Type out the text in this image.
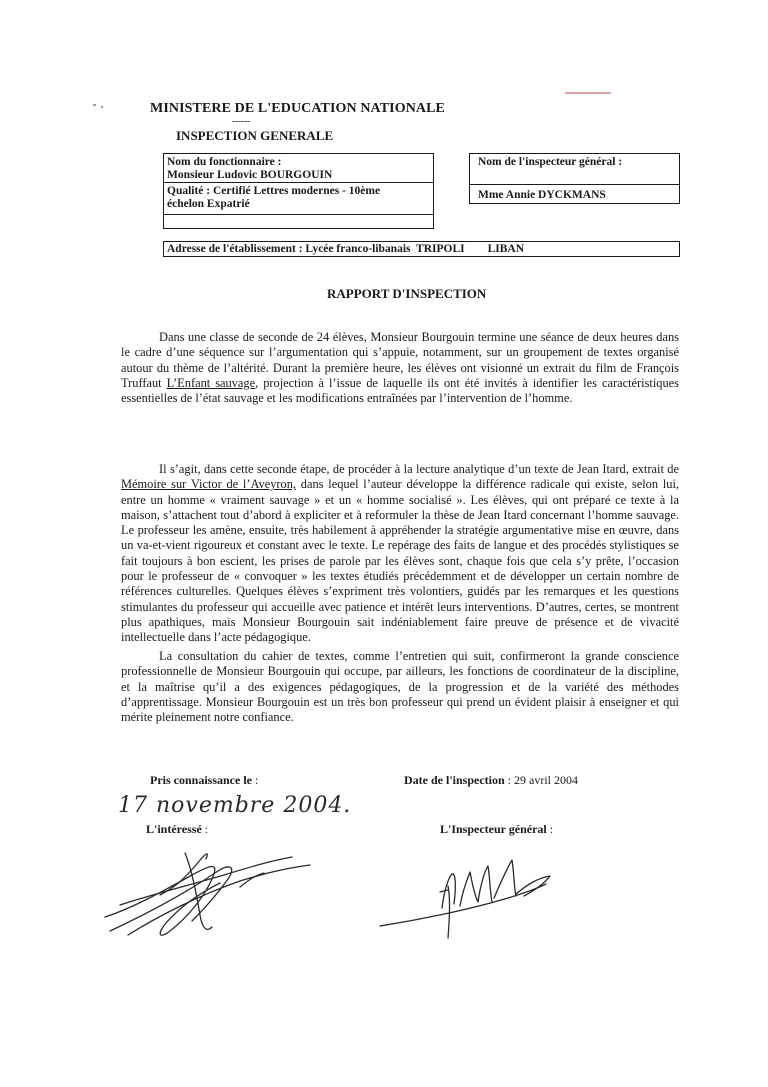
MINISTERE DE L'EDUCATION NATIONALE
------
INSPECTION GENERALE
Nom du fonctionnaire :
Monsieur Ludovic BOURGOUIN
Qualité : Certifié Lettres modernes - 10ème
échelon Expatrié
Nom de l'inspecteur général :
Mme Annie DYCKMANS
Adresse de l'établissement : Lycée franco-libanais  TRIPOLI        LIBAN
RAPPORT D'INSPECTION

Dans une classe de seconde de 24 élèves, Monsieur Bourgouin termine une séance de deux heures dans le cadre d’une séquence sur l’argumentation qui s’appuie, notamment, sur un groupement de textes organisé autour du thème de l’altérité. Durant la première heure, les élèves ont visionné un extrait du film de François Truffaut L’Enfant sauvage, projection à l’issue de laquelle ils ont été invités à identifier les caractéristiques essentielles de l’état sauvage et les modifications entraînées par l’intervention de l’homme.

Il s’agit, dans cette seconde étape, de procéder à la lecture analytique d’un texte de Jean Itard, extrait de Mémoire sur Victor de l’Aveyron, dans lequel l’auteur développe la différence radicale qui existe, selon lui, entre un homme « vraiment sauvage » et un « homme socialisé ». Les élèves, qui ont préparé ce texte à la maison, s’attachent tout d’abord à expliciter et à reformuler la thèse de Jean Itard concernant l’homme sauvage. Le professeur les amène, ensuite, très habilement à appréhender la stratégie argumentative mise en œuvre, dans un va-et-vient rigoureux et constant avec le texte. Le repérage des faits de langue et des procédés stylistiques se fait toujours à bon escient, les prises de parole par les élèves sont, chaque fois que cela s’y prête, l’occasion pour le professeur de « convoquer » les textes étudiés précédemment et de développer un certain nombre de références culturelles. Quelques élèves s’expriment très volontiers, guidés par les remarques et les questions stimulantes du professeur qui accueille avec patience et intérêt leurs interventions. D’autres, certes, se montrent plus apathiques, mais Monsieur Bourgouin sait indéniablement faire preuve de présence et de vivacité intellectuelle dans l’acte pédagogique.

La consultation du cahier de textes, comme l’entretien qui suit, confirmeront la grande conscience professionnelle de Monsieur Bourgouin qui occupe, par ailleurs, les fonctions de coordinateur de la discipline, et la maîtrise qu’il a des exigences pédagogiques, de la progression et de la variété des méthodes d’apprentissage. Monsieur Bourgouin est un très bon professeur qui prend un évident plaisir à enseigner et qui mérite pleinement notre confiance.

Pris connaissance le :
17 novembre 2004.
L'intéressé :
Date de l'inspection : 29 avril 2004
L'Inspecteur général :
